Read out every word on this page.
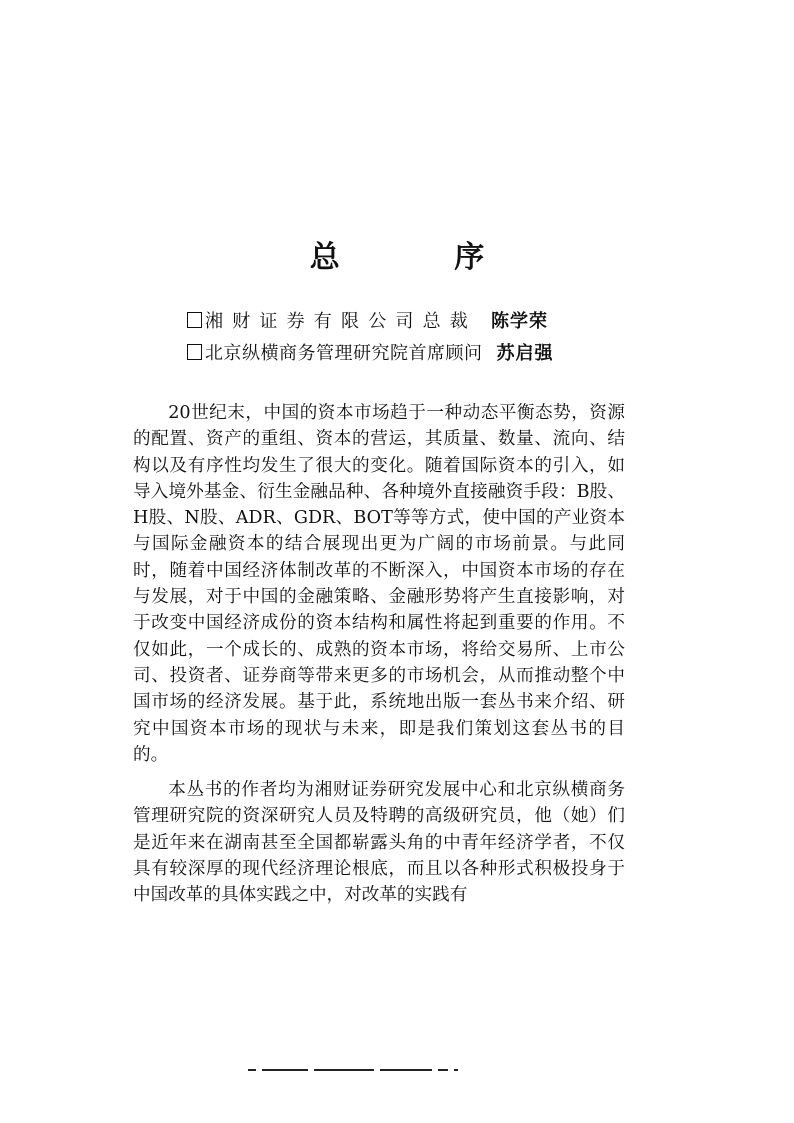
总 序
湘财证券有限公司总裁 陈学荣
北京纵横商务管理研究院首席顾问 苏启强

20世纪末，中国的资本市场趋于一种动态平衡态势，资源的配置、资产的重组、资本的营运，其质量、数量、流向、结构以及有序性均发生了很大的变化。随着国际资本的引入，如导入境外基金、衍生金融品种、各种境外直接融资手段：B股、H股、N股、ADR、GDR、BOT等等方式，使中国的产业资本与国际金融资本的结合展现出更为广阔的市场前景。与此同时，随着中国经济体制改革的不断深入，中国资本市场的存在与发展，对于中国的金融策略、金融形势将产生直接影响，对于改变中国经济成份的资本结构和属性将起到重要的作用。不仅如此，一个成长的、成熟的资本市场，将给交易所、上市公司、投资者、证券商等带来更多的市场机会，从而推动整个中国市场的经济发展。基于此，系统地出版一套丛书来介绍、研究中国资本市场的现状与未来，即是我们策划这套丛书的目的。

本丛书的作者均为湘财证券研究发展中心和北京纵横商务管理研究院的资深研究人员及特聘的高级研究员，他（她）们是近年来在湖南甚至全国都崭露头角的中青年经济学者，不仅具有较深厚的现代经济理论根底，而且以各种形式积极投身于中国改革的具体实践之中，对改革的实践有
